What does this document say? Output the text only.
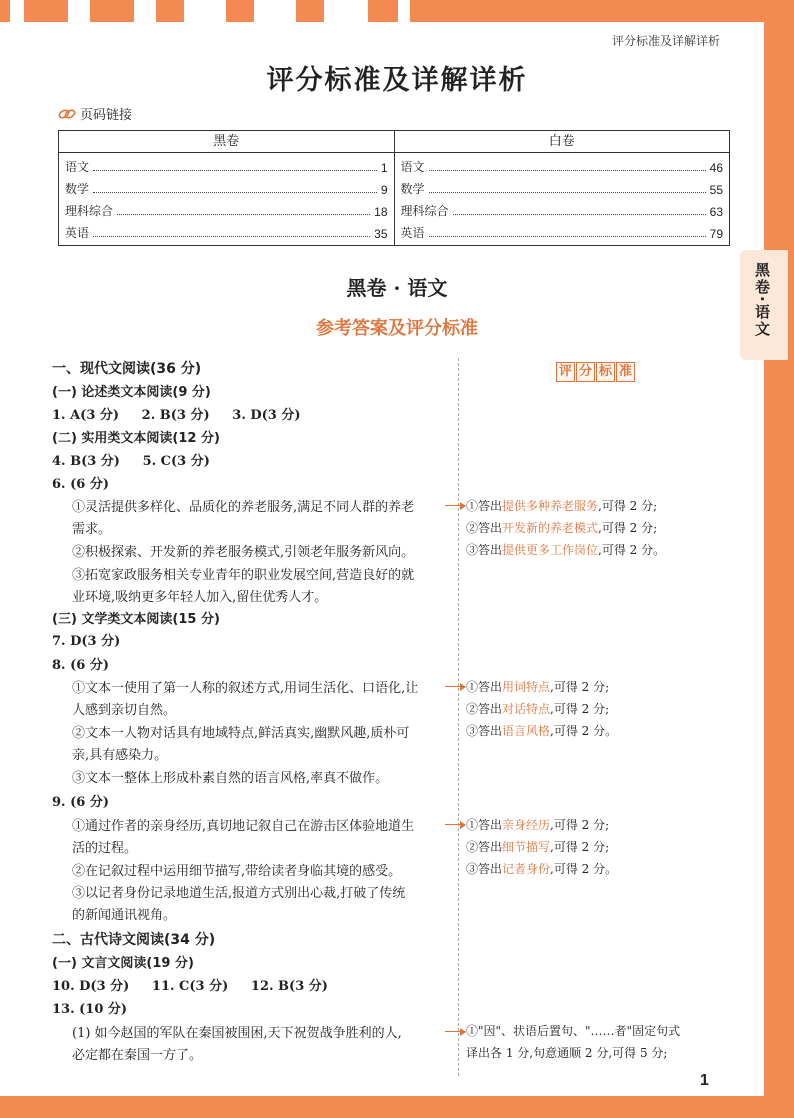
黑卷·语文
评分标准及详解详析
评分标准及详解详析
页码链接
黑卷
语文	1
数学	9
理科综合	18
英语	35
白卷
语文	46
数学	55
理科综合	63
英语	79
黑卷 · 语文
参考答案及评分标准
评 分 标 准
一、现代文阅读(36 分)
(一) 论述类文本阅读(9 分)
1. A(3 分)     2. B(3 分)     3. D(3 分)
(二) 实用类文本阅读(12 分)
4. B(3 分)     5. C(3 分)
6. (6 分)
①灵活提供多样化、品质化的养老服务,满足不同人群的养老
需求。
②积极探索、开发新的养老服务模式,引领老年服务新风向。
③拓宽家政服务相关专业青年的职业发展空间,营造良好的就
业环境,吸纳更多年轻人加入,留住优秀人才。
(三) 文学类文本阅读(15 分)
7. D(3 分)
8. (6 分)
①文本一使用了第一人称的叙述方式,用词生活化、口语化,让
人感到亲切自然。
②文本一人物对话具有地域特点,鲜活真实,幽默风趣,质朴可
亲,具有感染力。
③文本一整体上形成朴素自然的语言风格,率真不做作。
9. (6 分)
①通过作者的亲身经历,真切地记叙自己在游击区体验地道生
活的过程。
②在记叙过程中运用细节描写,带给读者身临其境的感受。
③以记者身份记录地道生活,报道方式别出心裁,打破了传统
的新闻通讯视角。
二、古代诗文阅读(34 分)
(一) 文言文阅读(19 分)
10. D(3 分)     11. C(3 分)     12. B(3 分)
13. (10 分)
(1) 如今赵国的军队在秦国被围困,天下祝贺战争胜利的人,
必定都在秦国一方了。
①答出提供多种养老服务,可得 2 分;
②答出开发新的养老模式,可得 2 分;
③答出提供更多工作岗位,可得 2 分。
①答出用词特点,可得 2 分;
②答出对话特点,可得 2 分;
③答出语言风格,可得 2 分。
①答出亲身经历,可得 2 分;
②答出细节描写,可得 2 分;
③答出记者身份,可得 2 分。
①"因"、状语后置句、"……者"固定句式
译出各 1 分,句意通顺 2 分,可得 5 分;
1
